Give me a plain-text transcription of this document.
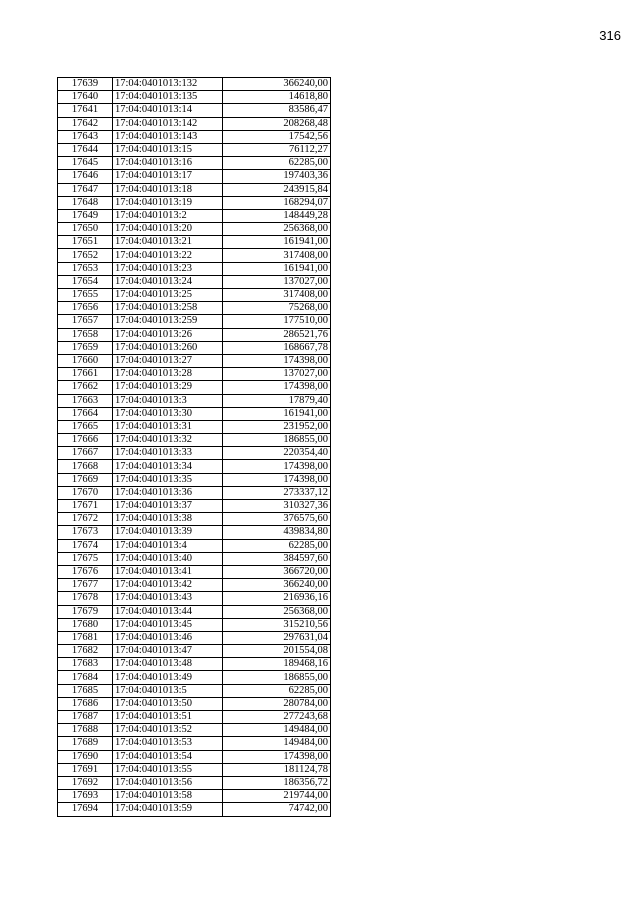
316
17639	17:04:0401013:132	366240,00
17640	17:04:0401013:135	14618,80
17641	17:04:0401013:14	83586,47
17642	17:04:0401013:142	208268,48
17643	17:04:0401013:143	17542,56
17644	17:04:0401013:15	76112,27
17645	17:04:0401013:16	62285,00
17646	17:04:0401013:17	197403,36
17647	17:04:0401013:18	243915,84
17648	17:04:0401013:19	168294,07
17649	17:04:0401013:2	148449,28
17650	17:04:0401013:20	256368,00
17651	17:04:0401013:21	161941,00
17652	17:04:0401013:22	317408,00
17653	17:04:0401013:23	161941,00
17654	17:04:0401013:24	137027,00
17655	17:04:0401013:25	317408,00
17656	17:04:0401013:258	75268,00
17657	17:04:0401013:259	177510,00
17658	17:04:0401013:26	286521,76
17659	17:04:0401013:260	168667,78
17660	17:04:0401013:27	174398,00
17661	17:04:0401013:28	137027,00
17662	17:04:0401013:29	174398,00
17663	17:04:0401013:3	17879,40
17664	17:04:0401013:30	161941,00
17665	17:04:0401013:31	231952,00
17666	17:04:0401013:32	186855,00
17667	17:04:0401013:33	220354,40
17668	17:04:0401013:34	174398,00
17669	17:04:0401013:35	174398,00
17670	17:04:0401013:36	273337,12
17671	17:04:0401013:37	310327,36
17672	17:04:0401013:38	376575,60
17673	17:04:0401013:39	439834,80
17674	17:04:0401013:4	62285,00
17675	17:04:0401013:40	384597,60
17676	17:04:0401013:41	366720,00
17677	17:04:0401013:42	366240,00
17678	17:04:0401013:43	216936,16
17679	17:04:0401013:44	256368,00
17680	17:04:0401013:45	315210,56
17681	17:04:0401013:46	297631,04
17682	17:04:0401013:47	201554,08
17683	17:04:0401013:48	189468,16
17684	17:04:0401013:49	186855,00
17685	17:04:0401013:5	62285,00
17686	17:04:0401013:50	280784,00
17687	17:04:0401013:51	277243,68
17688	17:04:0401013:52	149484,00
17689	17:04:0401013:53	149484,00
17690	17:04:0401013:54	174398,00
17691	17:04:0401013:55	181124,78
17692	17:04:0401013:56	186356,72
17693	17:04:0401013:58	219744,00
17694	17:04:0401013:59	74742,00
